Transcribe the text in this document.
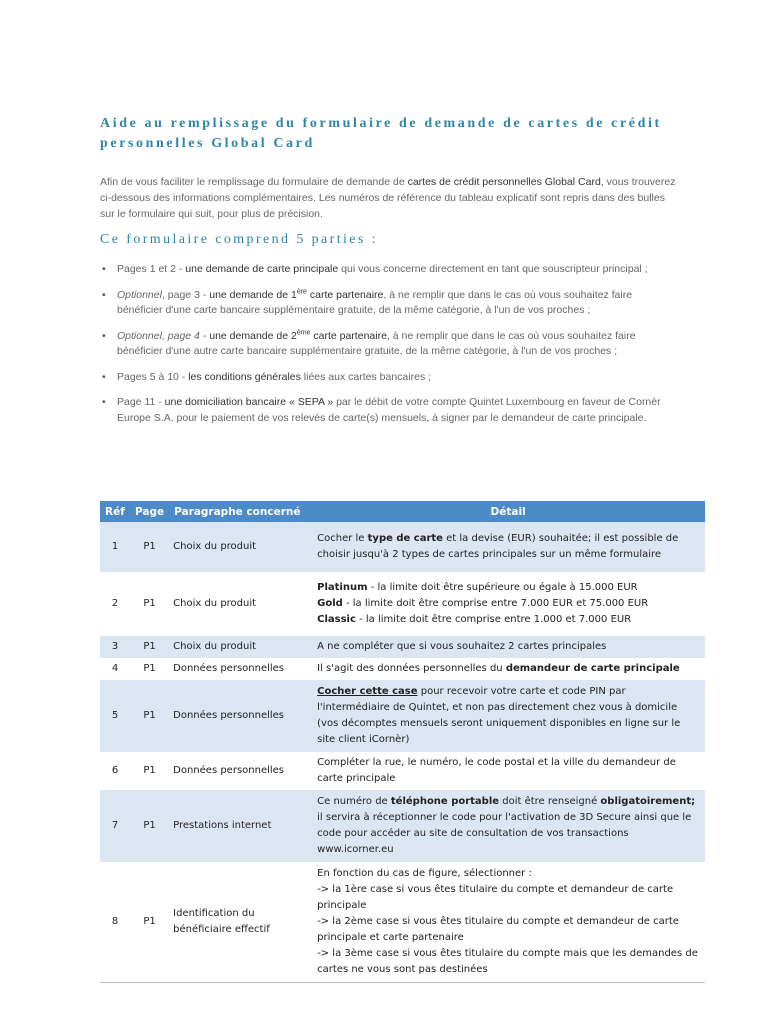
Aide au remplissage du formulaire de demande de cartes de crédit personnelles Global Card

Afin de vous faciliter le remplissage du formulaire de demande de cartes de crédit personnelles Global Card, vous trouverez ci-dessous des informations complémentaires. Les numéros de référence du tableau explicatif sont repris dans des bulles sur le formulaire qui suit, pour plus de précision.

Ce formulaire comprend 5 parties :
• Pages 1 et 2 - une demande de carte principale qui vous concerne directement en tant que souscripteur principal ;
• Optionnel, page 3 - une demande de 1ère carte partenaire, à ne remplir que dans le cas où vous souhaitez faire bénéficier d'une carte bancaire supplémentaire gratuite, de la même catégorie, à l'un de vos proches ;
• Optionnel, page 4 - une demande de 2ème carte partenaire, à ne remplir que dans le cas où vous souhaitez faire bénéficier d'une autre carte bancaire supplémentaire gratuite, de la même catégorie, à l'un de vos proches ;
• Pages 5 à 10 - les conditions générales liées aux cartes bancaires ;
• Page 11 - une domiciliation bancaire « SEPA » par le débit de votre compte Quintet Luxembourg en faveur de Cornèr Europe S.A. pour le paiement de vos relevés de carte(s) mensuels, à signer par le demandeur de carte principale.
Réf	Page	Paragraphe concerné	Détail
1	P1	Choix du produit	Cocher le type de carte et la devise (EUR) souhaitée; il est possible de choisir jusqu'à 2 types de cartes principales sur un même formulaire

2	P1	Choix du produit	Platinum - la limite doit être supérieure ou égale à 15.000 EUR
Gold - la limite doit être comprise entre 7.000 EUR et 75.000 EUR
Classic - la limite doit être comprise entre 1.000 et 7.000 EUR

3	P1	Choix du produit	A ne compléter que si vous souhaitez 2 cartes principales

4	P1	Données personnelles	Il s'agit des données personnelles du demandeur de carte principale

5	P1	Données personnelles	Cocher cette case pour recevoir votre carte et code PIN par l'intermédiaire de Quintet, et non pas directement chez vous à domicile (vos décomptes mensuels seront uniquement disponibles en ligne sur le site client iCornèr)

6	P1	Données personnelles	Compléter la rue, le numéro, le code postal et la ville du demandeur de carte principale

7	P1	Prestations internet	Ce numéro de téléphone portable doit être renseigné obligatoirement; il servira à réceptionner le code pour l'activation de 3D Secure ainsi que le code pour accéder au site de consultation de vos transactions www.icorner.eu

8	P1	Identification du bénéficiaire effectif	En fonction du cas de figure, sélectionner :
-> la 1ère case si vous êtes titulaire du compte et demandeur de carte principale
-> la 2ème case si vous êtes titulaire du compte et demandeur de carte principale et carte partenaire
-> la 3ème case si vous êtes titulaire du compte mais que les demandes de cartes ne vous sont pas destinées
